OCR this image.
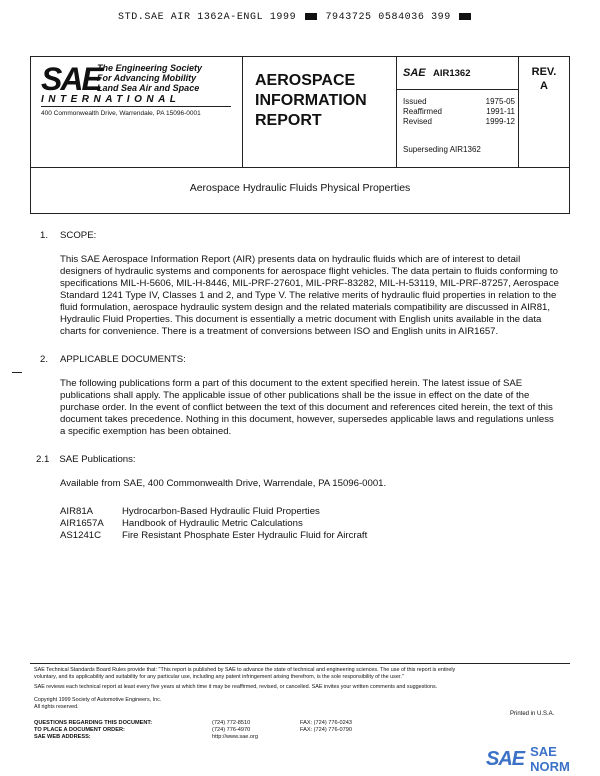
STD.SAE AIR 1362A-ENGL 1999	7943725 0584036 399
SAE
The Engineering Society
For Advancing Mobility
Land Sea Air and Space
INTERNATIONAL
400 Commonwealth Drive, Warrendale, PA 15096-0001
AEROSPACE
INFORMATION
REPORT
SAE AIR1362
Issued	1975-05
Reaffirmed	1991-11
Revised	1999-12
Superseding AIR1362
REV.
A
Aerospace Hydraulic Fluids Physical Properties
1. SCOPE:
This SAE Aerospace Information Report (AIR) presents data on hydraulic fluids which are of interest to detail designers of hydraulic systems and components for aerospace flight vehicles. The data pertain to fluids conforming to specifications MIL-H-5606, MIL-H-8446, MIL-PRF-27601, MIL-PRF-83282, MIL-H-53119, MIL-PRF-87257, Aerospace Standard 1241 Type IV, Classes 1 and 2, and Type V. The relative merits of hydraulic fluid properties in relation to the fluid formulation, aerospace hydraulic system design and the related materials compatibility are discussed in AIR81, Hydraulic Fluid Properties. This document is essentially a metric document with English units available in the data charts for convenience. There is a treatment of conversions between ISO and English units in AIR1657.
2. APPLICABLE DOCUMENTS:
The following publications form a part of this document to the extent specified herein. The latest issue of SAE publications shall apply. The applicable issue of other publications shall be the issue in effect on the date of the purchase order. In the event of conflict between the text of this document and references cited herein, the text of this document takes precedence. Nothing in this document, however, supersedes applicable laws and regulations unless a specific exemption has been obtained.
2.1 SAE Publications:
Available from SAE, 400 Commonwealth Drive, Warrendale, PA 15096-0001.
AIR81A	Hydrocarbon-Based Hydraulic Fluid Properties
AIR1657A	Handbook of Hydraulic Metric Calculations
AS1241C	Fire Resistant Phosphate Ester Hydraulic Fluid for Aircraft
SAE Technical Standards Board Rules provide that: "This report is published by SAE to advance the state of technical and engineering sciences. The use of this report is entirely
voluntary, and its applicability and suitability for any particular use, including any patent infringement arising therefrom, is the sole responsibility of the user."
SAE reviews each technical report at least every five years at which time it may be reaffirmed, revised, or cancelled. SAE invites your written comments and suggestions.
Copyright 1999 Society of Automotive Engineers, Inc.
All rights reserved.
Printed in U.S.A.
QUESTIONS REGARDING THIS DOCUMENT:	(724) 772-8510	FAX: (724) 776-0243
TO PLACE A DOCUMENT ORDER:	(724) 776-4970	FAX: (724) 776-0790
SAE WEB ADDRESS:	http://www.sae.org
SAE SAE NORM
